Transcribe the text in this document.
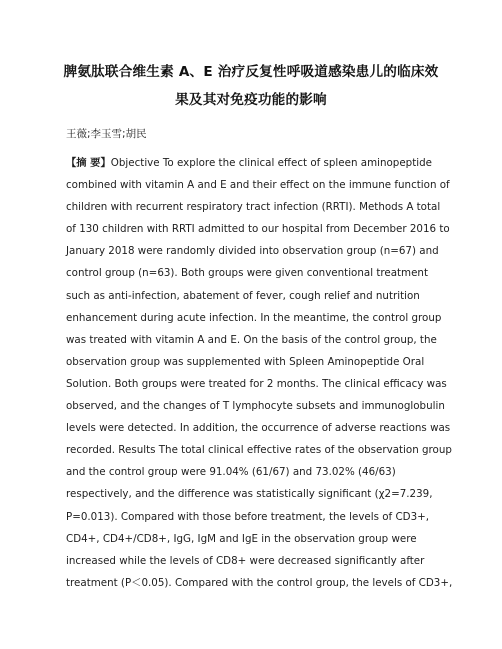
脾氨肽联合维生素 A、E 治疗反复性呼吸道感染患儿的临床效
果及其对免疫功能的影响
王薇;李玉雪;胡民
【摘 要】Objective To explore the clinical effect of spleen aminopeptide
combined with vitamin A and E and their effect on the immune function of
children with recurrent respiratory tract infection (RRTI). Methods A total
of 130 children with RRTI admitted to our hospital from December 2016 to
January 2018 were randomly divided into observation group (n=67) and
control group (n=63). Both groups were given conventional treatment
such as anti-infection, abatement of fever, cough relief and nutrition
enhancement during acute infection. In the meantime, the control group
was treated with vitamin A and E. On the basis of the control group, the
observation group was supplemented with Spleen Aminopeptide Oral
Solution. Both groups were treated for 2 months. The clinical efficacy was
observed, and the changes of T lymphocyte subsets and immunoglobulin
levels were detected. In addition, the occurrence of adverse reactions was
recorded. Results The total clinical effective rates of the observation group
and the control group were 91.04% (61/67) and 73.02% (46/63)
respectively, and the difference was statistically significant (χ2=7.239,
P=0.013). Compared with those before treatment, the levels of CD3+,
CD4+, CD4+/CD8+, IgG, IgM and IgE in the observation group were
increased while the levels of CD8+ were decreased significantly after
treatment (P＜0.05). Compared with the control group, the levels of CD3+,
